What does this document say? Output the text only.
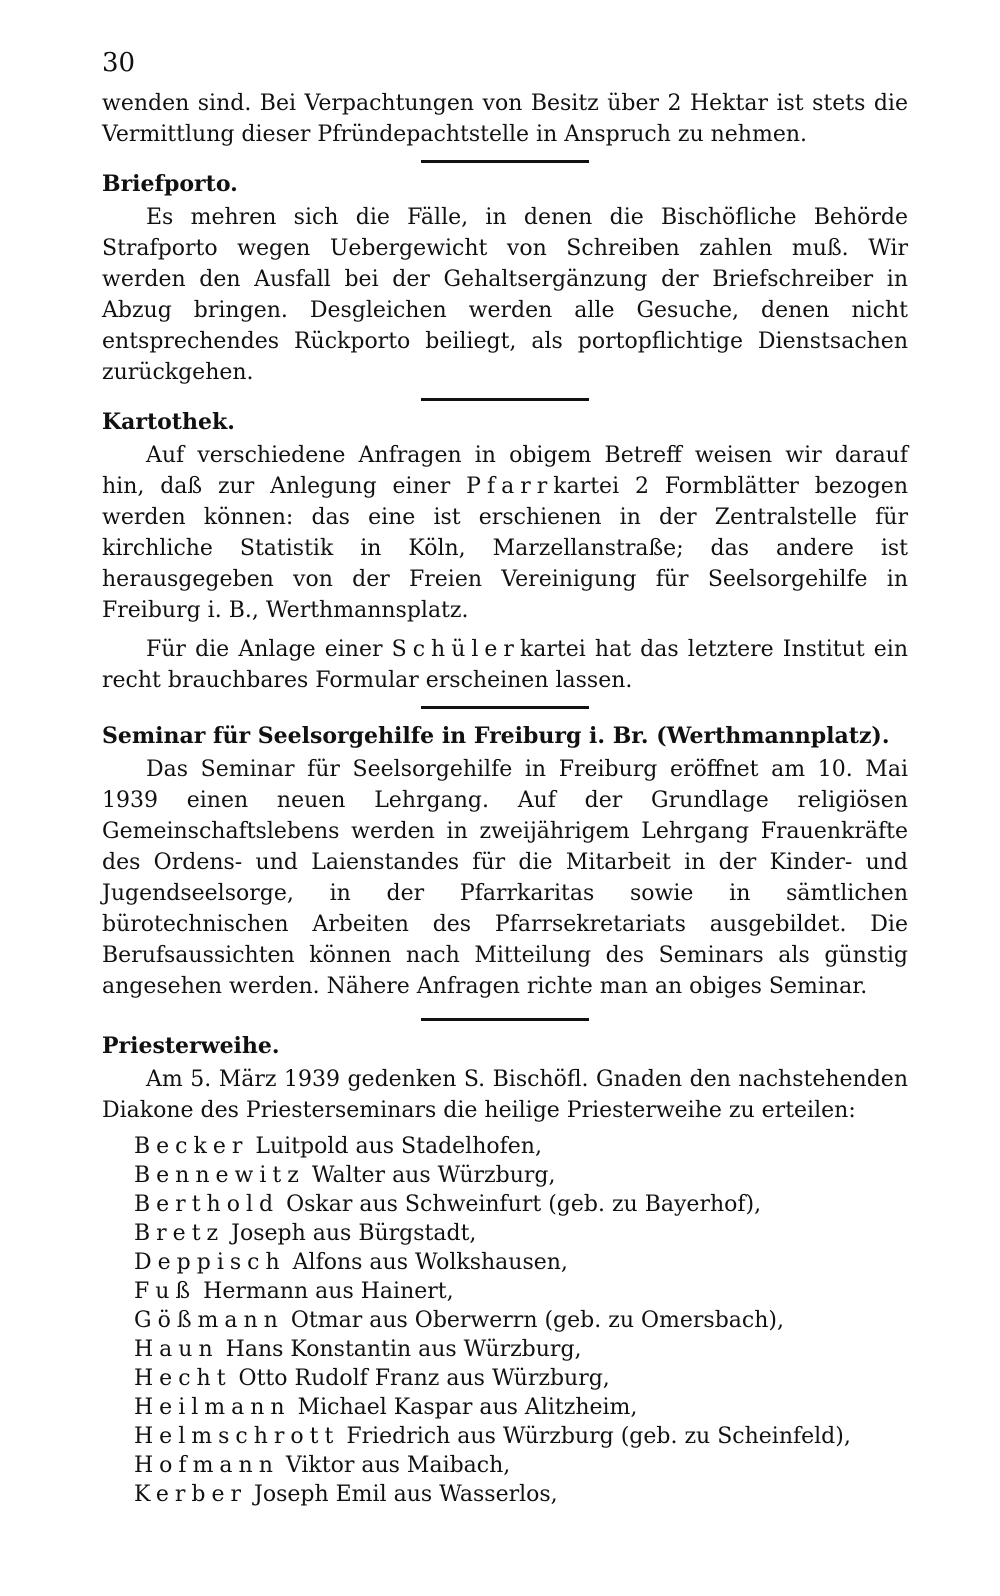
30

wenden sind. Bei Verpachtungen von Besitz über 2 Hektar ist stets die Vermittlung dieser Pfründepachtstelle in Anspruch zu nehmen.

Briefporto.

Es mehren sich die Fälle, in denen die Bischöfliche Behörde Strafporto wegen Uebergewicht von Schreiben zahlen muß. Wir werden den Ausfall bei der Gehaltsergänzung der Briefschreiber in Abzug bringen. Desgleichen werden alle Gesuche, denen nicht entsprechendes Rückporto beiliegt, als portopflichtige Dienstsachen zurückgehen.

Kartothek.

Auf verschiedene Anfragen in obigem Betreff weisen wir darauf hin, daß zur Anlegung einer Pfarrkartei 2 Formblätter bezogen werden können: das eine ist erschienen in der Zentralstelle für kirchliche Statistik in Köln, Marzellanstraße; das andere ist herausgegeben von der Freien Vereinigung für Seelsorgehilfe in Freiburg i. B., Werthmannsplatz.

Für die Anlage einer Schülerkartei hat das letztere Institut ein recht brauchbares Formular erscheinen lassen.

Seminar für Seelsorgehilfe in Freiburg i. Br. (Werthmannplatz).

Das Seminar für Seelsorgehilfe in Freiburg eröffnet am 10. Mai 1939 einen neuen Lehrgang. Auf der Grundlage religiösen Gemeinschaftslebens werden in zweijährigem Lehrgang Frauenkräfte des Ordens- und Laienstandes für die Mitarbeit in der Kinder- und Jugendseelsorge, in der Pfarrkaritas sowie in sämtlichen bürotechnischen Arbeiten des Pfarrsekretariats ausgebildet. Die Berufsaussichten können nach Mitteilung des Seminars als günstig angesehen werden. Nähere Anfragen richte man an obiges Seminar.

Priesterweihe.

Am 5. März 1939 gedenken S. Bischöfl. Gnaden den nachstehenden Diakone des Priesterseminars die heilige Priesterweihe zu erteilen:

Becker Luitpold aus Stadelhofen,
Bennewitz Walter aus Würzburg,
Berthold Oskar aus Schweinfurt (geb. zu Bayerhof),
Bretz Joseph aus Bürgstadt,
Deppisch Alfons aus Wolkshausen,
Fuß Hermann aus Hainert,
Gößmann Otmar aus Oberwerrn (geb. zu Omersbach),
Haun Hans Konstantin aus Würzburg,
Hecht Otto Rudolf Franz aus Würzburg,
Heilmann Michael Kaspar aus Alitzheim,
Helmschrott Friedrich aus Würzburg (geb. zu Scheinfeld),
Hofmann Viktor aus Maibach,
Kerber Joseph Emil aus Wasserlos,
